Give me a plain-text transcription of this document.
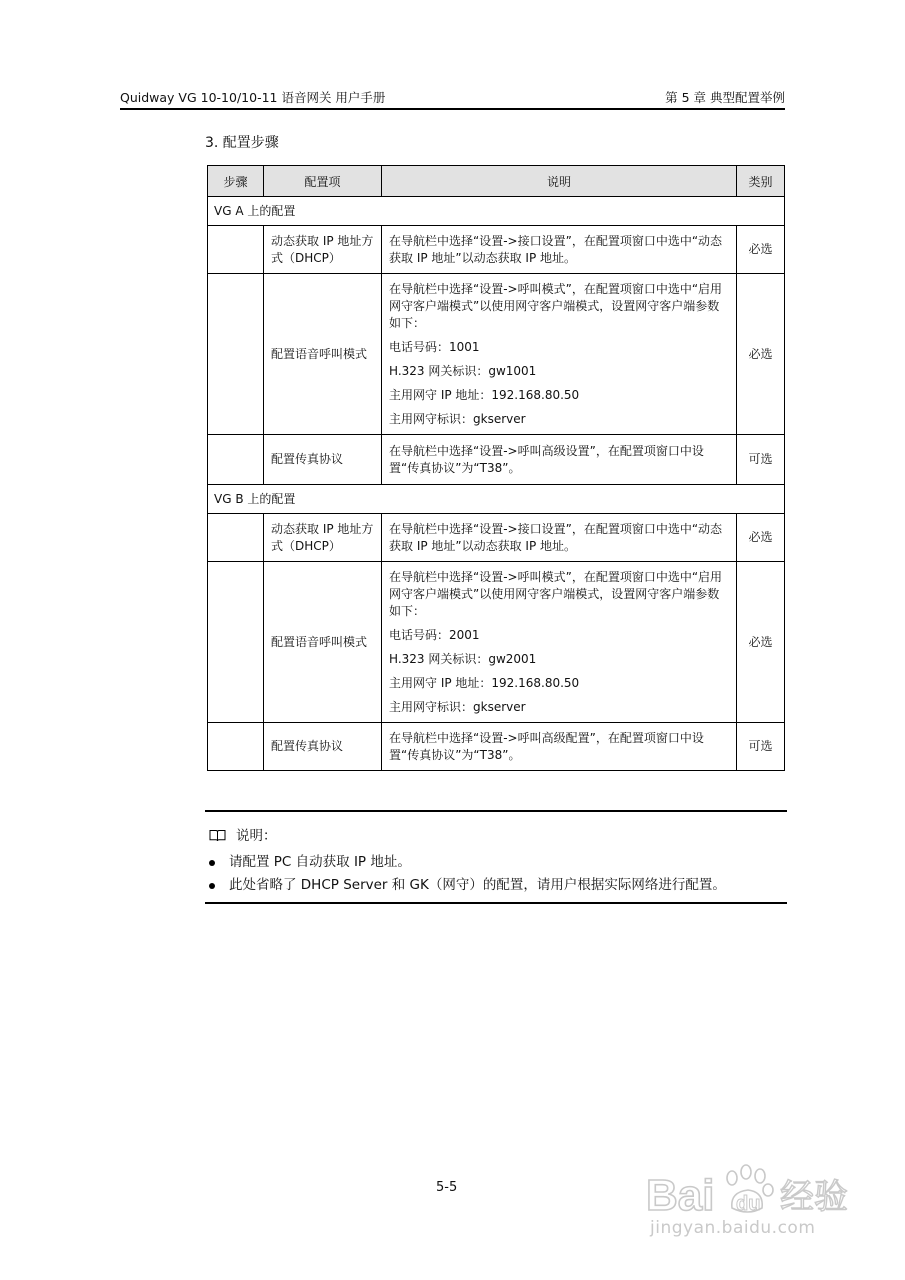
Quidway VG 10-10/10-11 语音网关 用户手册	第 5 章 典型配置举例
3. 配置步骤
步骤	配置项	说明	类别
VG A 上的配置			
	动态获取 IP 地址方式（DHCP）	在导航栏中选择“设置->接口设置”，在配置项窗口中选中“动态获取 IP 地址”以动态获取 IP 地址。	必选
	配置语音呼叫模式	在导航栏中选择“设置->呼叫模式”，在配置项窗口中选中“启用网守客户端模式”以使用网守客户端模式，设置网守客户端参数如下：
电话号码：1001
H.323 网关标识：gw1001
主用网守 IP 地址：192.168.80.50
主用网守标识：gkserver	必选
	配置传真协议	在导航栏中选择“设置->呼叫高级设置”，在配置项窗口中设置“传真协议”为“T38”。	可选
VG B 上的配置			
	动态获取 IP 地址方式（DHCP）	在导航栏中选择“设置->接口设置”，在配置项窗口中选中“动态获取 IP 地址”以动态获取 IP 地址。	必选
	配置语音呼叫模式	在导航栏中选择“设置->呼叫模式”，在配置项窗口中选中“启用网守客户端模式”以使用网守客户端模式，设置网守客户端参数如下：
电话号码：2001
H.323 网关标识：gw2001
主用网守 IP 地址：192.168.80.50
主用网守标识：gkserver	必选
	配置传真协议	在导航栏中选择“设置->呼叫高级配置”，在配置项窗口中设置“传真协议”为“T38”。	可选
说明：
请配置 PC 自动获取 IP 地址。
此处省略了 DHCP Server 和 GK（网守）的配置，请用户根据实际网络进行配置。
5-5	Bai du 经验
jingyan.baidu.com
